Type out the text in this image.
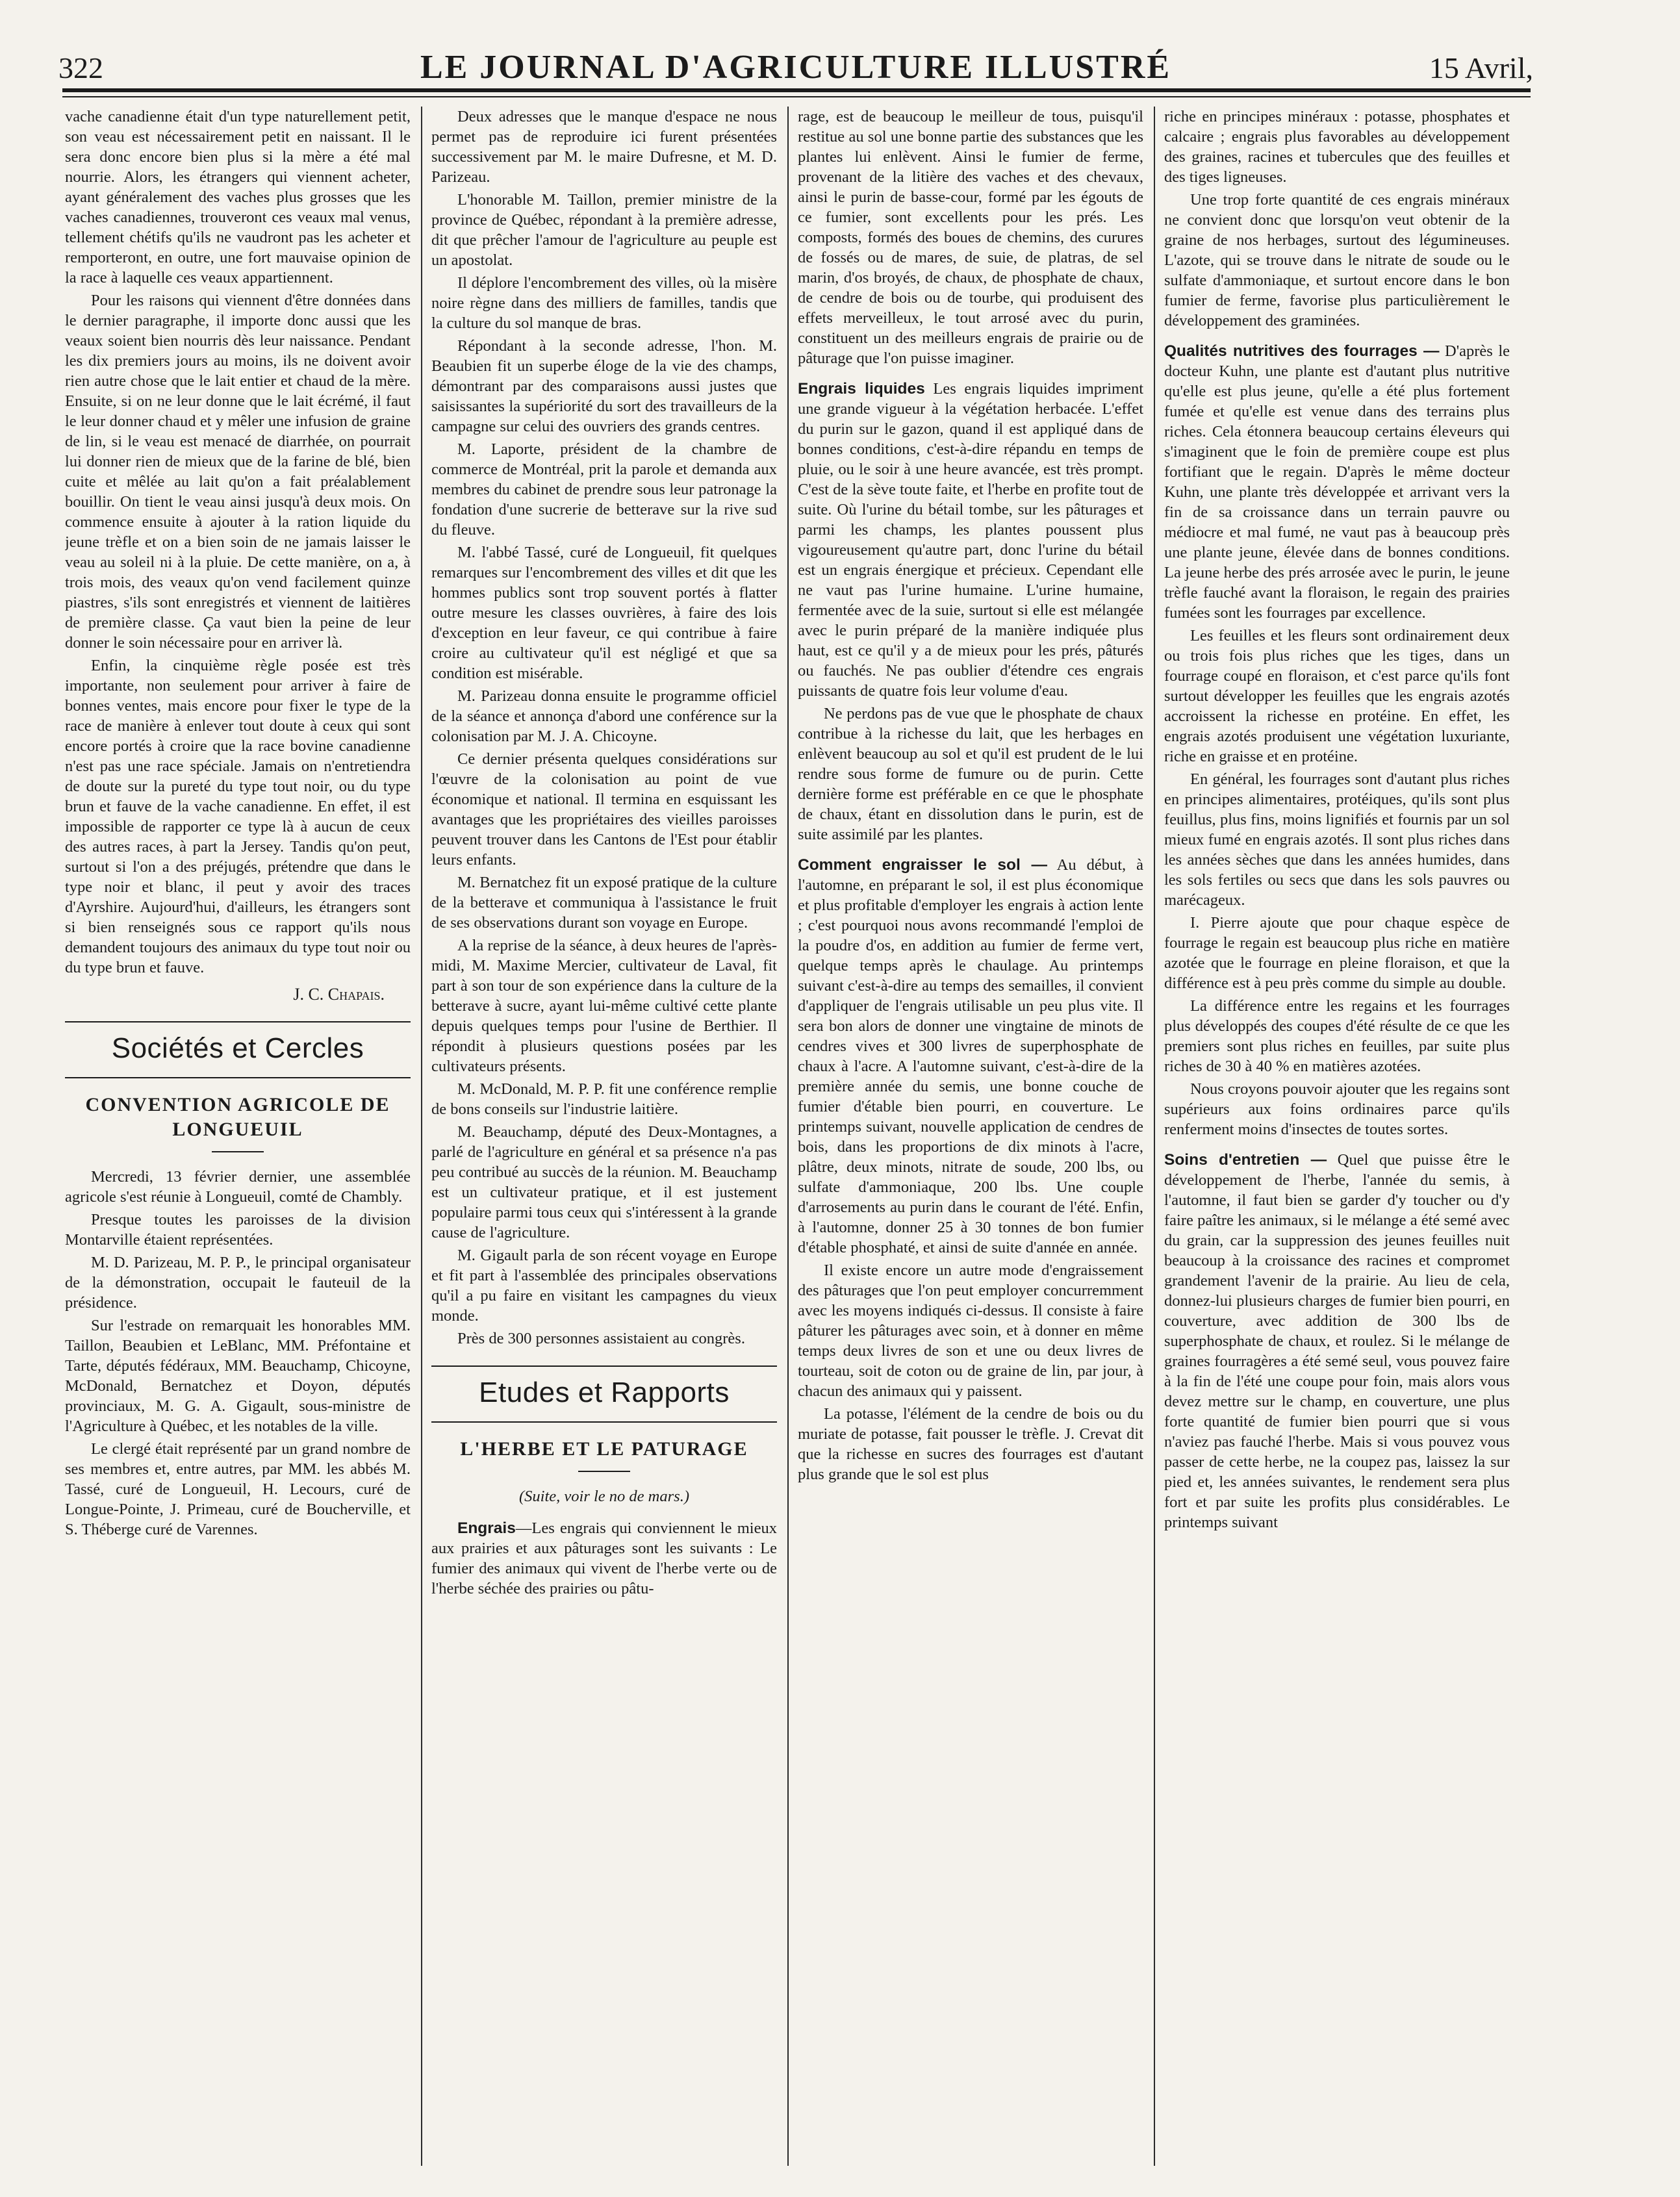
322	LE JOURNAL D'AGRICULTURE ILLUSTRÉ	15 Avril,

vache canadienne était d'un type naturellement petit, son veau est nécessairement petit en naissant. Il le sera donc encore bien plus si la mère a été mal nourrie. Alors, les étrangers qui viennent acheter, ayant généralement des vaches plus grosses que les vaches canadiennes, trouveront ces veaux mal venus, tellement chétifs qu'ils ne vaudront pas les acheter et remporteront, en outre, une fort mauvaise opinion de la race à laquelle ces veaux appartiennent.

Pour les raisons qui viennent d'être données dans le dernier paragraphe, il importe donc aussi que les veaux soient bien nourris dès leur naissance. Pendant les dix premiers jours au moins, ils ne doivent avoir rien autre chose que le lait entier et chaud de la mère. Ensuite, si on ne leur donne que le lait écrémé, il faut le leur donner chaud et y mêler une infusion de graine de lin, si le veau est menacé de diarrhée, on pourrait lui donner rien de mieux que de la farine de blé, bien cuite et mêlée au lait qu'on a fait préalablement bouillir. On tient le veau ainsi jusqu'à deux mois. On commence ensuite à ajouter à la ration liquide du jeune trèfle et on a bien soin de ne jamais laisser le veau au soleil ni à la pluie. De cette manière, on a, à trois mois, des veaux qu'on vend facilement quinze piastres, s'ils sont enregistrés et viennent de laitières de première classe. Ça vaut bien la peine de leur donner le soin nécessaire pour en arriver là.

Enfin, la cinquième règle posée est très importante, non seulement pour arriver à faire de bonnes ventes, mais encore pour fixer le type de la race de manière à enlever tout doute à ceux qui sont encore portés à croire que la race bovine canadienne n'est pas une race spéciale. Jamais on n'entretiendra de doute sur la pureté du type tout noir, ou du type brun et fauve de la vache canadienne. En effet, il est impossible de rapporter ce type là à aucun de ceux des autres races, à part la Jersey. Tandis qu'on peut, surtout si l'on a des préjugés, prétendre que dans le type noir et blanc, il peut y avoir des traces d'Ayrshire. Aujourd'hui, d'ailleurs, les étrangers sont si bien renseignés sous ce rapport qu'ils nous demandent toujours des animaux du type tout noir ou du type brun et fauve.

J. C. Chapais.
Sociétés et Cercles
CONVENTION AGRICOLE DE LONGUEUIL

Mercredi, 13 février dernier, une assemblée agricole s'est réunie à Longueuil, comté de Chambly.

Presque toutes les paroisses de la division Montarville étaient représentées.

M. D. Parizeau, M. P. P., le principal organisateur de la démonstration, occupait le fauteuil de la présidence.

Sur l'estrade on remarquait les honorables MM. Taillon, Beaubien et LeBlanc, MM. Préfontaine et Tarte, députés fédéraux, MM. Beauchamp, Chicoyne, McDonald, Bernatchez et Doyon, députés provinciaux, M. G. A. Gigault, sous-ministre de l'Agriculture à Québec, et les notables de la ville.

Le clergé était représenté par un grand nombre de ses membres et, entre autres, par MM. les abbés M. Tassé, curé de Longueuil, H. Lecours, curé de Longue-Pointe, J. Primeau, curé de Boucherville, et S. Théberge curé de Varennes.

Deux adresses que le manque d'espace ne nous permet pas de reproduire ici furent présentées successivement par M. le maire Dufresne, et M. D. Parizeau.

L'honorable M. Taillon, premier ministre de la province de Québec, répondant à la première adresse, dit que prêcher l'amour de l'agriculture au peuple est un apostolat.

Il déplore l'encombrement des villes, où la misère noire règne dans des milliers de familles, tandis que la culture du sol manque de bras.

Répondant à la seconde adresse, l'hon. M. Beaubien fit un superbe éloge de la vie des champs, démontrant par des comparaisons aussi justes que saisissantes la supériorité du sort des travailleurs de la campagne sur celui des ouvriers des grands centres.

M. Laporte, président de la chambre de commerce de Montréal, prit la parole et demanda aux membres du cabinet de prendre sous leur patronage la fondation d'une sucrerie de betterave sur la rive sud du fleuve.

M. l'abbé Tassé, curé de Longueuil, fit quelques remarques sur l'encombrement des villes et dit que les hommes publics sont trop souvent portés à flatter outre mesure les classes ouvrières, à faire des lois d'exception en leur faveur, ce qui contribue à faire croire au cultivateur qu'il est négligé et que sa condition est misérable.

M. Parizeau donna ensuite le programme officiel de la séance et annonça d'abord une conférence sur la colonisation par M. J. A. Chicoyne.

Ce dernier présenta quelques considérations sur l'œuvre de la colonisation au point de vue économique et national. Il termina en esquissant les avantages que les propriétaires des vieilles paroisses peuvent trouver dans les Cantons de l'Est pour établir leurs enfants.

M. Bernatchez fit un exposé pratique de la culture de la betterave et communiqua à l'assistance le fruit de ses observations durant son voyage en Europe.

A la reprise de la séance, à deux heures de l'après-midi, M. Maxime Mercier, cultivateur de Laval, fit part à son tour de son expérience dans la culture de la betterave à sucre, ayant lui-même cultivé cette plante depuis quelques temps pour l'usine de Berthier. Il répondit à plusieurs questions posées par les cultivateurs présents.

M. McDonald, M. P. P. fit une conférence remplie de bons conseils sur l'industrie laitière.

M. Beauchamp, député des Deux-Montagnes, a parlé de l'agriculture en général et sa présence n'a pas peu contribué au succès de la réunion. M. Beauchamp est un cultivateur pratique, et il est justement populaire parmi tous ceux qui s'intéressent à la grande cause de l'agriculture.

M. Gigault parla de son récent voyage en Europe et fit part à l'assemblée des principales observations qu'il a pu faire en visitant les campagnes du vieux monde.

Près de 300 personnes assistaient au congrès.

Etudes et Rapports
L'HERBE ET LE PATURAGE
(Suite, voir le no de mars.)

Engrais—Les engrais qui conviennent le mieux aux prairies et aux pâturages sont les suivants : Le fumier des animaux qui vivent de l'herbe verte ou de l'herbe séchée des prairies ou pâtu-

rage, est de beaucoup le meilleur de tous, puisqu'il restitue au sol une bonne partie des substances que les plantes lui enlèvent. Ainsi le fumier de ferme, provenant de la litière des vaches et des chevaux, ainsi le purin de basse-cour, formé par les égouts de ce fumier, sont excellents pour les prés. Les composts, formés des boues de chemins, des curures de fossés ou de mares, de suie, de platras, de sel marin, d'os broyés, de chaux, de phosphate de chaux, de cendre de bois ou de tourbe, qui produisent des effets merveilleux, le tout arrosé avec du purin, constituent un des meilleurs engrais de prairie ou de pâturage que l'on puisse imaginer.

Engrais liquides Les engrais liquides impriment une grande vigueur à la végétation herbacée. L'effet du purin sur le gazon, quand il est appliqué dans de bonnes conditions, c'est-à-dire répandu en temps de pluie, ou le soir à une heure avancée, est très prompt. C'est de la sève toute faite, et l'herbe en profite tout de suite. Où l'urine du bétail tombe, sur les pâturages et parmi les champs, les plantes poussent plus vigoureusement qu'autre part, donc l'urine du bétail est un engrais énergique et précieux. Cependant elle ne vaut pas l'urine humaine. L'urine humaine, fermentée avec de la suie, surtout si elle est mélangée avec le purin préparé de la manière indiquée plus haut, est ce qu'il y a de mieux pour les prés, pâturés ou fauchés. Ne pas oublier d'étendre ces engrais puissants de quatre fois leur volume d'eau.

Ne perdons pas de vue que le phosphate de chaux contribue à la richesse du lait, que les herbages en enlèvent beaucoup au sol et qu'il est prudent de le lui rendre sous forme de fumure ou de purin. Cette dernière forme est préférable en ce que le phosphate de chaux, étant en dissolution dans le purin, est de suite assimilé par les plantes.

Comment engraisser le sol — Au début, à l'automne, en préparant le sol, il est plus économique et plus profitable d'employer les engrais à action lente ; c'est pourquoi nous avons recommandé l'emploi de la poudre d'os, en addition au fumier de ferme vert, quelque temps après le chaulage. Au printemps suivant c'est-à-dire au temps des semailles, il convient d'appliquer de l'engrais utilisable un peu plus vite. Il sera bon alors de donner une vingtaine de minots de cendres vives et 300 livres de superphosphate de chaux à l'acre. A l'automne suivant, c'est-à-dire de la première année du semis, une bonne couche de fumier d'étable bien pourri, en couverture. Le printemps suivant, nouvelle application de cendres de bois, dans les proportions de dix minots à l'acre, plâtre, deux minots, nitrate de soude, 200 lbs, ou sulfate d'ammoniaque, 200 lbs. Une couple d'arrosements au purin dans le courant de l'été. Enfin, à l'automne, donner 25 à 30 tonnes de bon fumier d'étable phosphaté, et ainsi de suite d'année en année.

Il existe encore un autre mode d'engraissement des pâturages que l'on peut employer concurremment avec les moyens indiqués ci-dessus. Il consiste à faire pâturer les pâturages avec soin, et à donner en même temps deux livres de son et une ou deux livres de tourteau, soit de coton ou de graine de lin, par jour, à chacun des animaux qui y paissent.

La potasse, l'élément de la cendre de bois ou du muriate de potasse, fait pousser le trèfle. J. Crevat dit que la richesse en sucres des fourrages est d'autant plus grande que le sol est plus

riche en principes minéraux : potasse, phosphates et calcaire ; engrais plus favorables au développement des graines, racines et tubercules que des feuilles et des tiges ligneuses.

Une trop forte quantité de ces engrais minéraux ne convient donc que lorsqu'on veut obtenir de la graine de nos herbages, surtout des légumineuses. L'azote, qui se trouve dans le nitrate de soude ou le sulfate d'ammoniaque, et surtout encore dans le bon fumier de ferme, favorise plus particulièrement le développement des graminées.

Qualités nutritives des fourrages — D'après le docteur Kuhn, une plante est d'autant plus nutritive qu'elle est plus jeune, qu'elle a été plus fortement fumée et qu'elle est venue dans des terrains plus riches. Cela étonnera beaucoup certains éleveurs qui s'imaginent que le foin de première coupe est plus fortifiant que le regain. D'après le même docteur Kuhn, une plante très développée et arrivant vers la fin de sa croissance dans un terrain pauvre ou médiocre et mal fumé, ne vaut pas à beaucoup près une plante jeune, élevée dans de bonnes conditions. La jeune herbe des prés arrosée avec le purin, le jeune trèfle fauché avant la floraison, le regain des prairies fumées sont les fourrages par excellence.

Les feuilles et les fleurs sont ordinairement deux ou trois fois plus riches que les tiges, dans un fourrage coupé en floraison, et c'est parce qu'ils font surtout développer les feuilles que les engrais azotés accroissent la richesse en protéine. En effet, les engrais azotés produisent une végétation luxuriante, riche en graisse et en protéine.

En général, les fourrages sont d'autant plus riches en principes alimentaires, protéiques, qu'ils sont plus feuillus, plus fins, moins lignifiés et fournis par un sol mieux fumé en engrais azotés. Il sont plus riches dans les années sèches que dans les années humides, dans les sols fertiles ou secs que dans les sols pauvres ou marécageux.

I. Pierre ajoute que pour chaque espèce de fourrage le regain est beaucoup plus riche en matière azotée que le fourrage en pleine floraison, et que la différence est à peu près comme du simple au double.

La différence entre les regains et les fourrages plus développés des coupes d'été résulte de ce que les premiers sont plus riches en feuilles, par suite plus riches de 30 à 40 % en matières azotées.

Nous croyons pouvoir ajouter que les regains sont supérieurs aux foins ordinaires parce qu'ils renferment moins d'insectes de toutes sortes.

Soins d'entretien — Quel que puisse être le développement de l'herbe, l'année du semis, à l'automne, il faut bien se garder d'y toucher ou d'y faire paître les animaux, si le mélange a été semé avec du grain, car la suppression des jeunes feuilles nuit beaucoup à la croissance des racines et compromet grandement l'avenir de la prairie. Au lieu de cela, donnez-lui plusieurs charges de fumier bien pourri, en couverture, avec addition de 300 lbs de superphosphate de chaux, et roulez. Si le mélange de graines fourragères a été semé seul, vous pouvez faire à la fin de l'été une coupe pour foin, mais alors vous devez mettre sur le champ, en couverture, une plus forte quantité de fumier bien pourri que si vous n'aviez pas fauché l'herbe. Mais si vous pouvez vous passer de cette herbe, ne la coupez pas, laissez la sur pied et, les années suivantes, le rendement sera plus fort et par suite les profits plus considérables. Le printemps suivant
